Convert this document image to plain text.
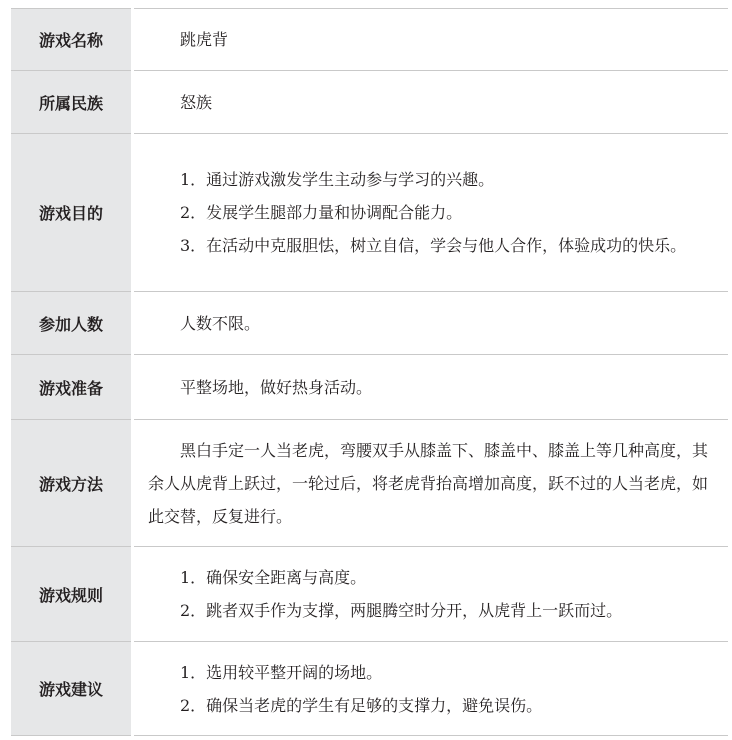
游戏名称	跳虎背

所属民族	怒族

游戏目的	1．通过游戏激发学生主动参与学习的兴趣。

2．发展学生腿部力量和协调配合能力。

3．在活动中克服胆怯，树立自信，学会与他人合作，体验成功的快乐。

参加人数	人数不限。

游戏准备	平整场地，做好热身活动。

游戏方法	黑白手定一人当老虎，弯腰双手从膝盖下、膝盖中、膝盖上等几种高度，其余人从虎背上跃过，一轮过后，将老虎背抬高增加高度，跃不过的人当老虎，如此交替，反复进行。

游戏规则	1．确保安全距离与高度。

2．跳者双手作为支撑，两腿腾空时分开，从虎背上一跃而过。

游戏建议	1．选用较平整开阔的场地。

2．确保当老虎的学生有足够的支撑力，避免误伤。
